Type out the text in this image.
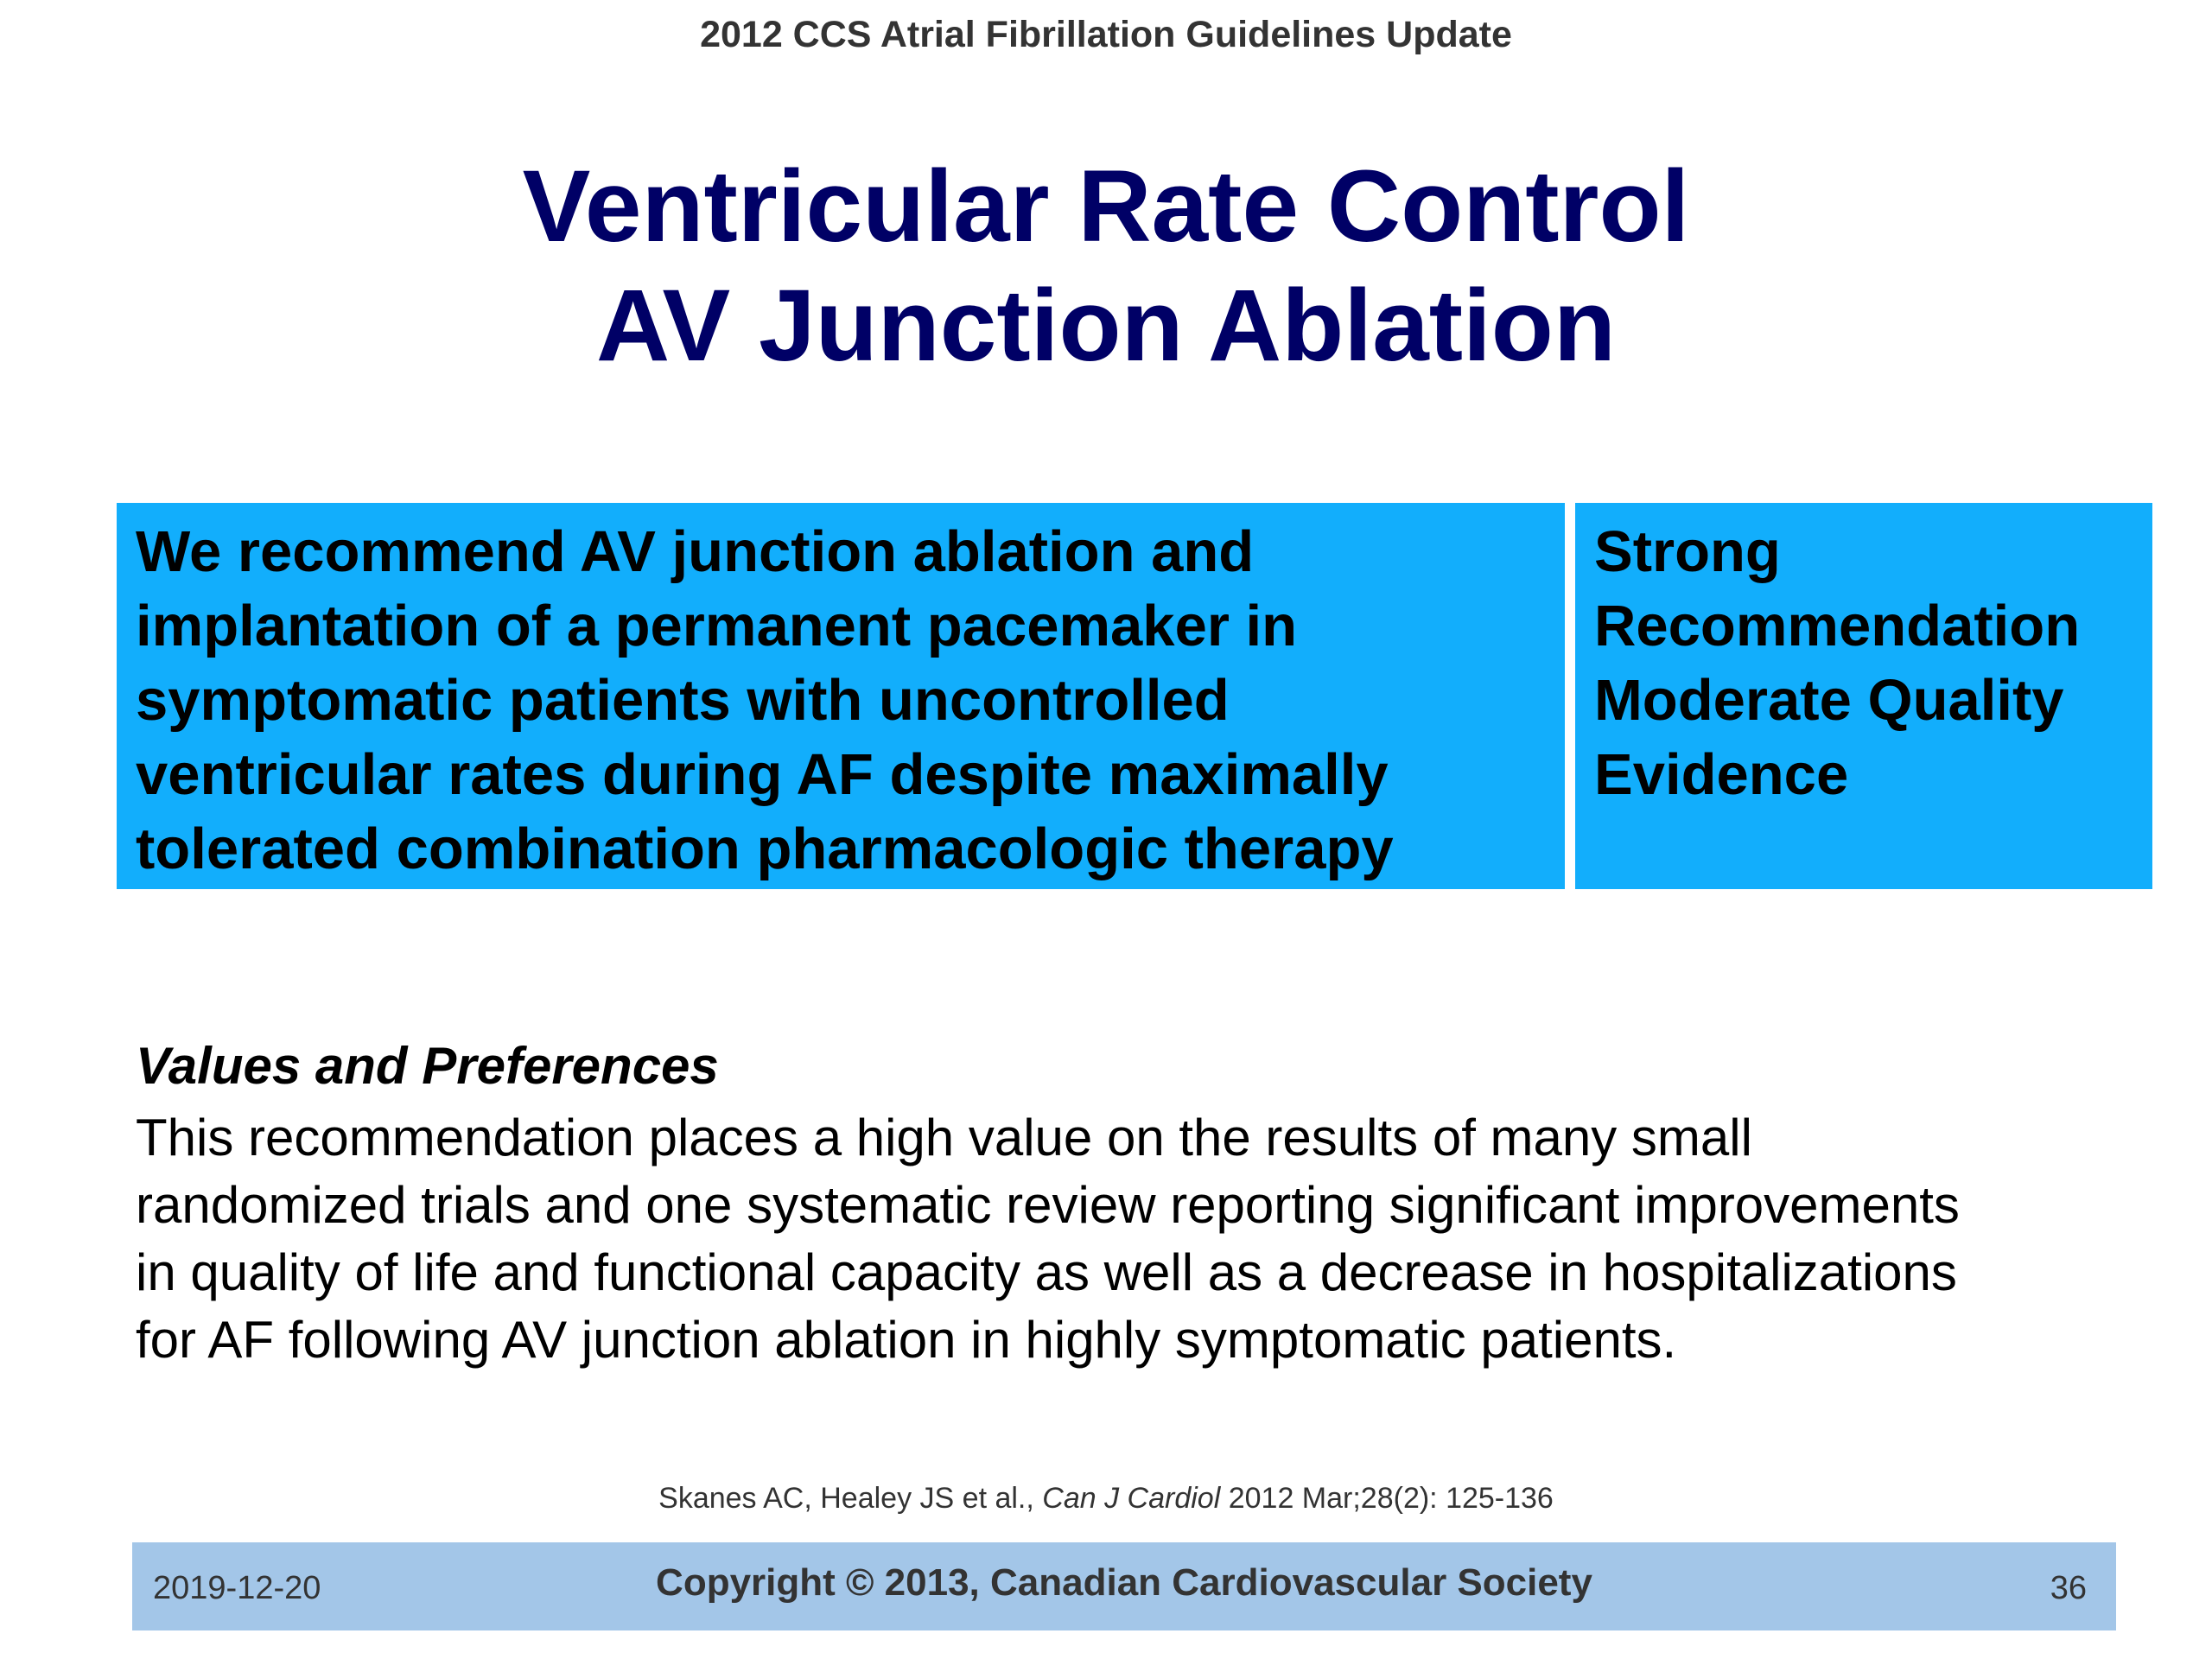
2012 CCS Atrial Fibrillation Guidelines Update
Ventricular Rate Control
AV Junction Ablation
We recommend AV junction ablation and
implantation of a permanent pacemaker in
symptomatic patients with uncontrolled
ventricular rates during AF despite maximally
tolerated combination pharmacologic therapy
Strong
Recommendation
Moderate Quality
Evidence
Values and Preferences
This recommendation places a high value on the results of many small
randomized trials and one systematic review reporting significant improvements
in quality of life and functional capacity as well as a decrease in hospitalizations
for AF following AV junction ablation in highly symptomatic patients.
Skanes AC, Healey JS et al., Can J Cardiol 2012 Mar;28(2): 125-136
2019-12-20	Copyright © 2013, Canadian Cardiovascular Society	36
